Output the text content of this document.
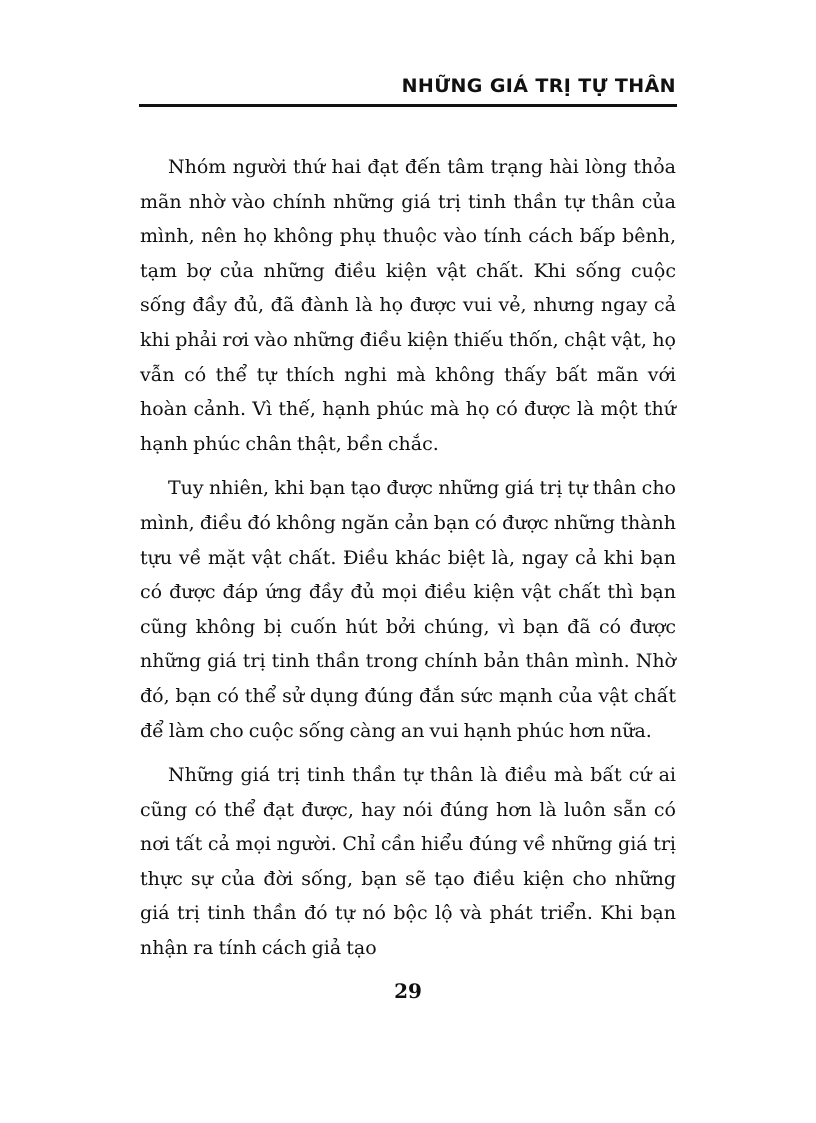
NHỮNG GIÁ TRỊ TỰ THÂN

Nhóm người thứ hai đạt đến tâm trạng hài lòng thỏa mãn nhờ vào chính những giá trị tinh thần tự thân của mình, nên họ không phụ thuộc vào tính cách bấp bênh, tạm bợ của những điều kiện vật chất. Khi sống cuộc sống đầy đủ, đã đành là họ được vui vẻ, nhưng ngay cả khi phải rơi vào những điều kiện thiếu thốn, chật vật, họ vẫn có thể tự thích nghi mà không thấy bất mãn với hoàn cảnh. Vì thế, hạnh phúc mà họ có được là một thứ hạnh phúc chân thật, bền chắc.

Tuy nhiên, khi bạn tạo được những giá trị tự thân cho mình, điều đó không ngăn cản bạn có được những thành tựu về mặt vật chất. Điều khác biệt là, ngay cả khi bạn có được đáp ứng đầy đủ mọi điều kiện vật chất thì bạn cũng không bị cuốn hút bởi chúng, vì bạn đã có được những giá trị tinh thần trong chính bản thân mình. Nhờ đó, bạn có thể sử dụng đúng đắn sức mạnh của vật chất để làm cho cuộc sống càng an vui hạnh phúc hơn nữa.

Những giá trị tinh thần tự thân là điều mà bất cứ ai cũng có thể đạt được, hay nói đúng hơn là luôn sẵn có nơi tất cả mọi người. Chỉ cần hiểu đúng về những giá trị thực sự của đời sống, bạn sẽ tạo điều kiện cho những giá trị tinh thần đó tự nó bộc lộ và phát triển. Khi bạn nhận ra tính cách giả tạo

29
